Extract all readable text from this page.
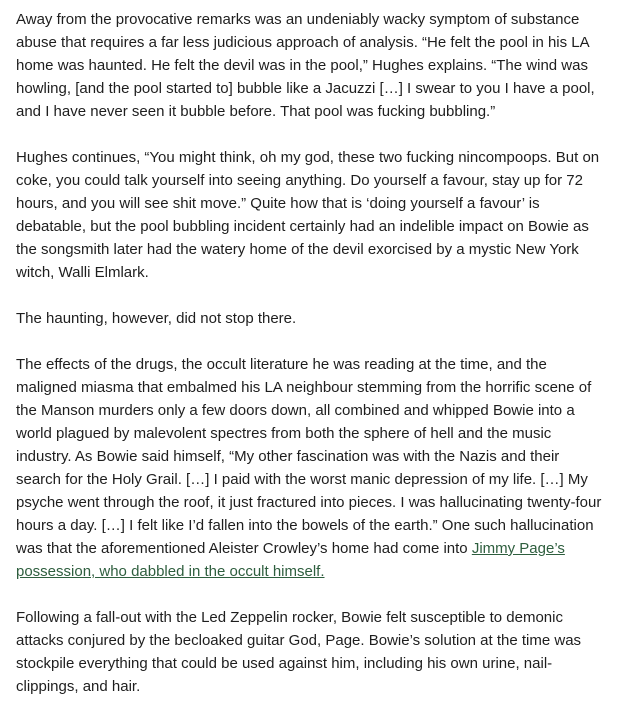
Away from the provocative remarks was an undeniably wacky symptom of substance abuse that requires a far less judicious approach of analysis. “He felt the pool in his LA home was haunted. He felt the devil was in the pool,” Hughes explains. “The wind was howling, [and the pool started to] bubble like a Jacuzzi […] I swear to you I have a pool, and I have never seen it bubble before. That pool was fucking bubbling.”

Hughes continues, “You might think, oh my god, these two fucking nincompoops. But on coke, you could talk yourself into seeing anything. Do yourself a favour, stay up for 72 hours, and you will see shit move.” Quite how that is ‘doing yourself a favour’ is debatable, but the pool bubbling incident certainly had an indelible impact on Bowie as the songsmith later had the watery home of the devil exorcised by a mystic New York witch, Walli Elmlark.

The haunting, however, did not stop there.

The effects of the drugs, the occult literature he was reading at the time, and the maligned miasma that embalmed his LA neighbour stemming from the horrific scene of the Manson murders only a few doors down, all combined and whipped Bowie into a world plagued by malevolent spectres from both the sphere of hell and the music industry. As Bowie said himself, “My other fascination was with the Nazis and their search for the Holy Grail. […] I paid with the worst manic depression of my life. […] My psyche went through the roof, it just fractured into pieces. I was hallucinating twenty-four hours a day. […] I felt like I’d fallen into the bowels of the earth.” One such hallucination was that the aforementioned Aleister Crowley’s home had come into Jimmy Page’s possession, who dabbled in the occult himself.

Following a fall-out with the Led Zeppelin rocker, Bowie felt susceptible to demonic attacks conjured by the becloaked guitar God, Page. Bowie’s solution at the time was stockpile everything that could be used against him, including his own urine, nail-clippings, and hair.
